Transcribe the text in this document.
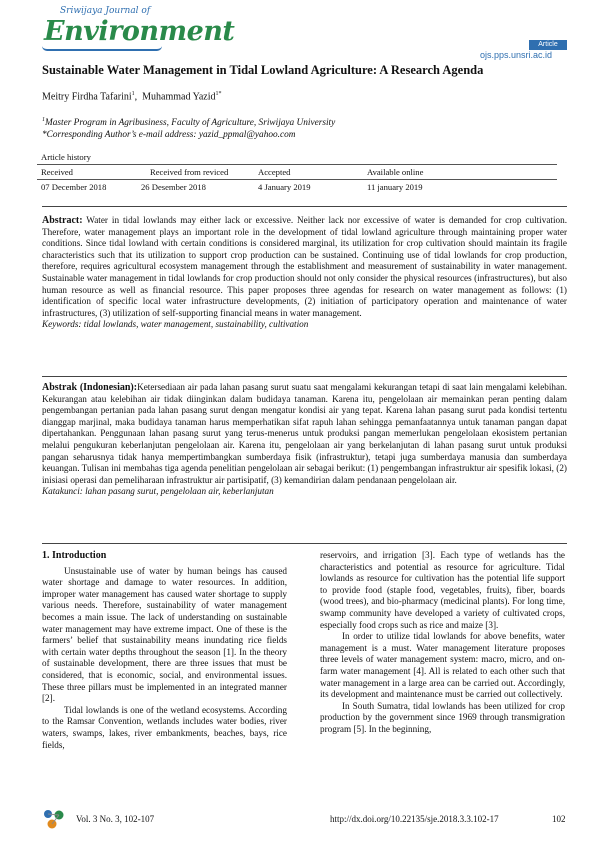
Sriwijaya Journal of
Environment	Article
ojs.pps.unsri.ac.id
Sustainable Water Management in Tidal Lowland Agriculture: A Research Agenda
Meitry Firdha Tafarini$^1$,  Muhammad Yazid$^{1*}$
$^1$Master Program in Agribusiness, Faculty of Agriculture, Sriwijaya University
*Corresponding Author’s e-mail address: yazid_ppmal@yahoo.com
Article history
Received	Received from reviced	Accepted	Available online
07 December 2018	26 Desember 2018	4 January 2019	11 january 2019
Abstract: Water in tidal lowlands may either lack or excessive. Neither lack nor excessive of water is demanded for crop cultivation. Therefore, water management plays an important role in the development of tidal lowland agriculture through maintaining proper water conditions. Since tidal lowland with certain conditions is considered marginal, its utilization for crop cultivation should maintain its fragile characteristics such that its utilization to support crop production can be sustained. Continuing use of tidal lowlands for crop production, therefore, requires agricultural ecosystem management through the establishment and measurement of sustainability in water management. Sustainable water management in tidal lowlands for crop production should not only consider the physical resources (infrastructures), but also human resource as well as financial resource. This paper proposes three agendas for research on water management as follows: (1) identification of specific local water infrastructure developments, (2) initiation of participatory operation and maintenance of water infrastructures, (3) utilization of self-supporting financial means in water management.
Keywords: tidal lowlands, water management, sustainability, cultivation
Abstrak (Indonesian):Ketersediaan air pada lahan pasang surut suatu saat mengalami kekurangan tetapi di saat lain mengalami kelebihan. Kekurangan atau kelebihan air tidak diinginkan dalam budidaya tanaman. Karena itu, pengelolaan air memainkan peran penting dalam pengembangan pertanian pada lahan pasang surut dengan mengatur kondisi air yang tepat. Karena lahan pasang surut pada kondisi tertentu dianggap marjinal, maka budidaya tanaman harus memperhatikan sifat rapuh lahan sehingga pemanfaatannya untuk tanaman pangan dapat dipertahankan. Penggunaan lahan pasang surut yang terus-menerus untuk produksi pangan memerlukan pengelolaan ekosistem pertanian melalui pengukuran keberlanjutan pengelolaan air. Karena itu, pengelolaan air yang berkelanjutan di lahan pasang surut untuk produksi pangan seharusnya tidak hanya mempertimbangkan sumberdaya fisik (infrastruktur), tetapi juga sumberdaya manusia dan sumberdaya keuangan. Tulisan ini membahas tiga agenda penelitian pengelolaan air sebagai berikut: (1) pengembangan infrastruktur air spesifik lokasi, (2) inisiasi operasi dan pemeliharaan infrastruktur air partisipatif, (3) kemandirian dalam pendanaan pengelolaan air.
Katakunci: lahan pasang surut, pengelolaan air, keberlanjutan
1. Introduction

Unsustainable use of water by human beings has caused water shortage and damage to water resources. In addition, improper water management has caused water shortage to supply various needs. Therefore, sustainability of water management becomes a main issue. The lack of understanding on sustainable water management may have extreme impact. One of these is the farmers’ belief that sustainability means inundating rice fields with certain water depths throughout the season [1]. In the theory of sustainable development, there are three issues that must be considered, that is economic, social, and environmental issues. These three pillars must be implemented in an integrated manner [2].

Tidal lowlands is one of the wetland ecosystems. According to the Ramsar Convention, wetlands includes water bodies, river waters, swamps, lakes, river embankments, beaches, bays, rice fields,

reservoirs, and irrigation [3]. Each type of wetlands has the characteristics and potential as resource for agriculture. Tidal lowlands as resource for cultivation has the potential life support to provide food (staple food, vegetables, fruits), fiber, boards (wood trees), and bio-pharmacy (medicinal plants). For long time, swamp community have developed a variety of cultivated crops, especially food crops such as rice and maize [3].

In order to utilize tidal lowlands for above benefits, water management is a must. Water management literature proposes three levels of water management system: macro, micro, and on-farm water management [4]. All is related to each other such that water management in a large area can be carried out. Accordingly, its development and maintenance must be carried out collectively.

In South Sumatra, tidal lowlands has been utilized for crop production by the government since 1969 through transmigration program [5]. In the beginning,

Vol. 3 No. 3, 102-107	http://dx.doi.org/10.22135/sje.2018.3.3.102-17	102
